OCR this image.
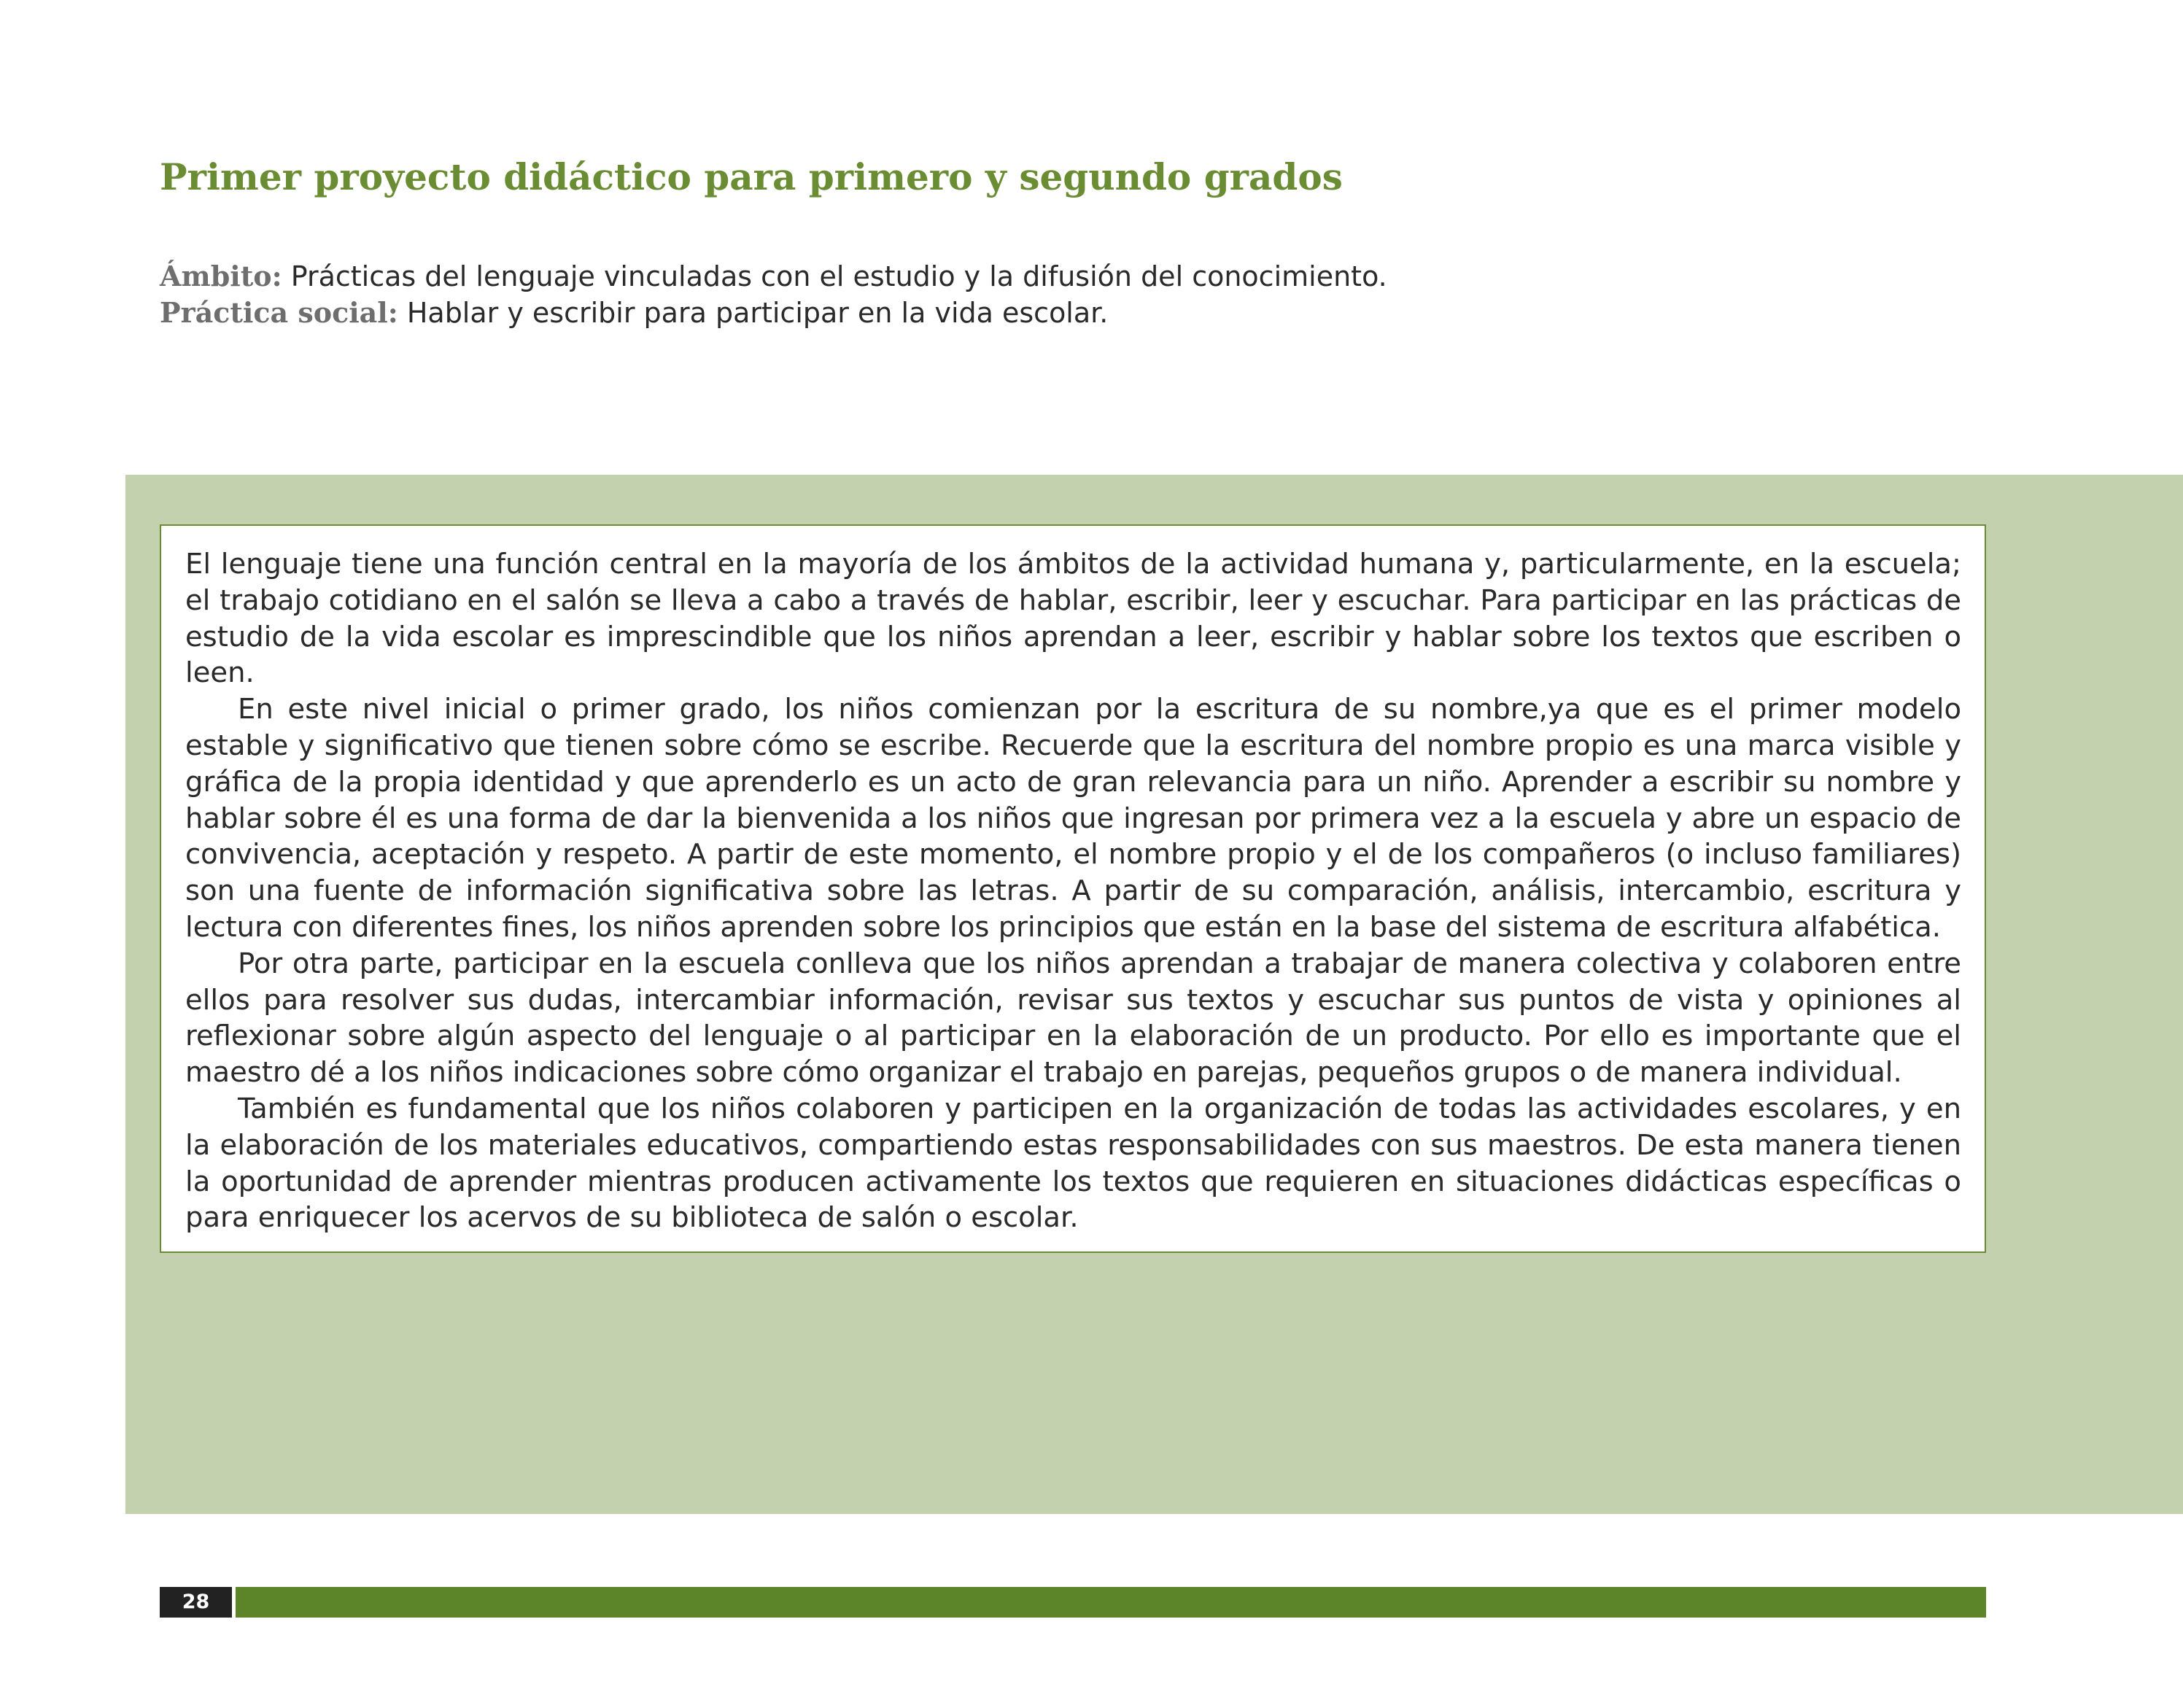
Primer proyecto didáctico para primero y segundo grados
Ámbito: Prácticas del lenguaje vinculadas con el estudio y la difusión del conocimiento.
Práctica social: Hablar y escribir para participar en la vida escolar.

El lenguaje tiene una función central en la mayoría de los ámbitos de la actividad humana y, particularmente, en la escuela; el trabajo cotidiano en el salón se lleva a cabo a través de hablar, escribir, leer y escuchar. Para participar en las prácticas de estudio de la vida escolar es imprescindible que los niños aprendan a leer, escribir y hablar sobre los textos que escriben o leen.

En este nivel inicial o primer grado, los niños comienzan por la escritura de su nombre,ya que es el primer modelo estable y significativo que tienen sobre cómo se escribe. Recuerde que la escritura del nombre propio es una marca visible y gráfica de la propia identidad y que aprenderlo es un acto de gran relevancia para un niño. Aprender a escribir su nombre y hablar sobre él es una forma de dar la bienvenida a los niños que ingresan por primera vez a la escuela y abre un espacio de convivencia, aceptación y respeto. A partir de este momento, el nombre propio y el de los compañeros (o incluso familiares) son una fuente de información significativa sobre las letras. A partir de su comparación, análisis, intercambio, escritura y lectura con diferentes fines, los niños aprenden sobre los principios que están en la base del sistema de escritura alfabética.

Por otra parte, participar en la escuela conlleva que los niños aprendan a trabajar de manera colectiva y colaboren entre ellos para resolver sus dudas, intercambiar información, revisar sus textos y escuchar sus puntos de vista y opiniones al reflexionar sobre algún aspecto del lenguaje o al participar en la elaboración de un producto. Por ello es importante que el maestro dé a los niños indicaciones sobre cómo organizar el trabajo en parejas, pequeños grupos o de manera individual.

También es fundamental que los niños colaboren y participen en la organización de todas las actividades escolares, y en la elaboración de los materiales educativos, compartiendo estas responsabilidades con sus maestros. De esta manera tienen la oportunidad de aprender mientras producen activamente los textos que requieren en situaciones didácticas específicas o para enriquecer los acervos de su biblioteca de salón o escolar.

28
